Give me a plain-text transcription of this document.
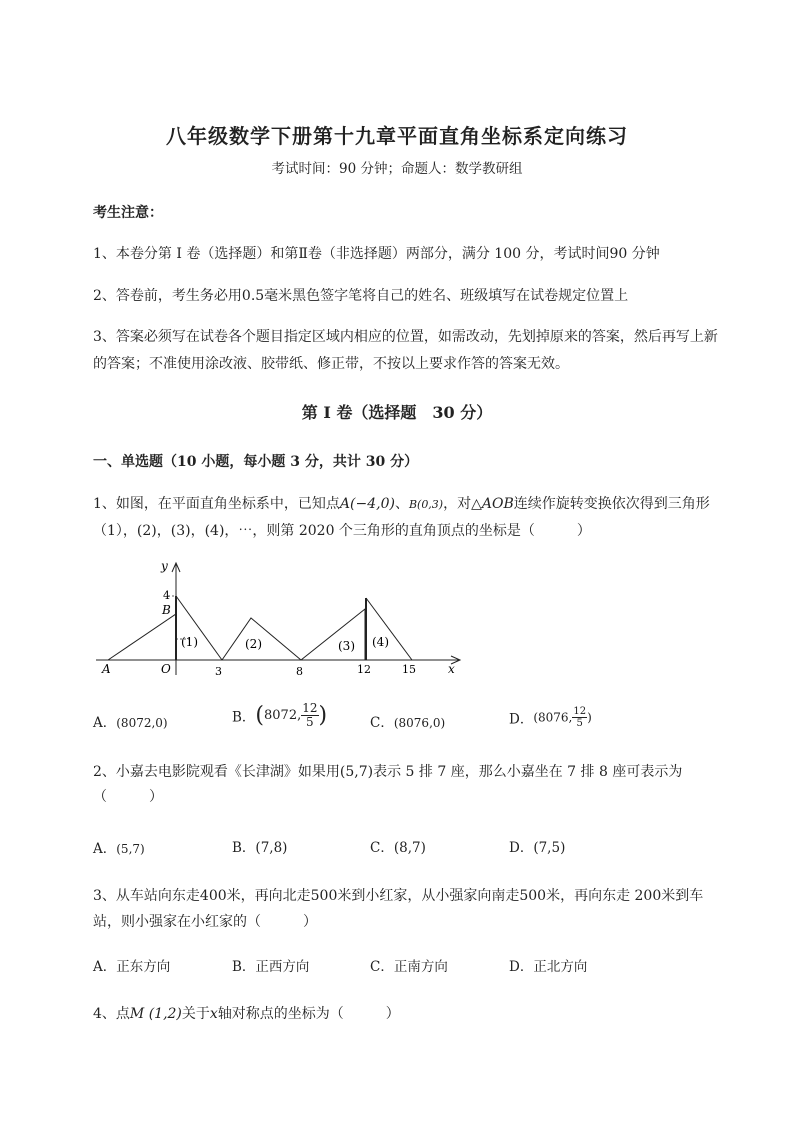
八年级数学下册第十九章平面直角坐标系定向练习
考试时间：90 分钟；命题人：数学教研组
考生注意：
1、本卷分第 I 卷（选择题）和第Ⅱ卷（非选择题）两部分，满分 100 分，考试时间90 分钟
2、答卷前，考生务必用0.5毫米黑色签字笔将自己的姓名、班级填写在试卷规定位置上
3、答案必须写在试卷各个题目指定区域内相应的位置，如需改动，先划掉原来的答案，然后再写上新
的答案；不准使用涂改液、胶带纸、修正带，不按以上要求作答的答案无效。
第 I 卷（选择题　30 分）
一、单选题（10 小题，每小题 3 分，共计 30 分）
1、如图，在平面直角坐标系中，已知点A(−4,0)、B(0,3)，对△AOB连续作旋转变换依次得到三角形
（1），(2)，(3)，(4)，⋯，则第 2020 个三角形的直角顶点的坐标是（　　　）
y
x
4
B
O
A	3	8	12	15
(1)	(2)	(3) (4)
A．(8072,0)	B．(8072, $\frac{12}{5}$ )	C．(8076,0)	D．(8076, $\frac{12}{5}$ )
2、小嘉去电影院观看《长津湖》如果用(5,7)表示 5 排 7 座，那么小嘉坐在 7 排 8 座可表示为
（　　　）
A．(5,7)	B．(7,8)	C．(8,7)	D．(7,5)
3、从车站向东走400米，再向北走500米到小红家，从小强家向南走500米，再向东走 200米到车
站，则小强家在小红家的（　　　）
A．正东方向	B．正西方向	C．正南方向	D．正北方向
4、点M (1,2)关于x轴对称点的坐标为（　　　）
